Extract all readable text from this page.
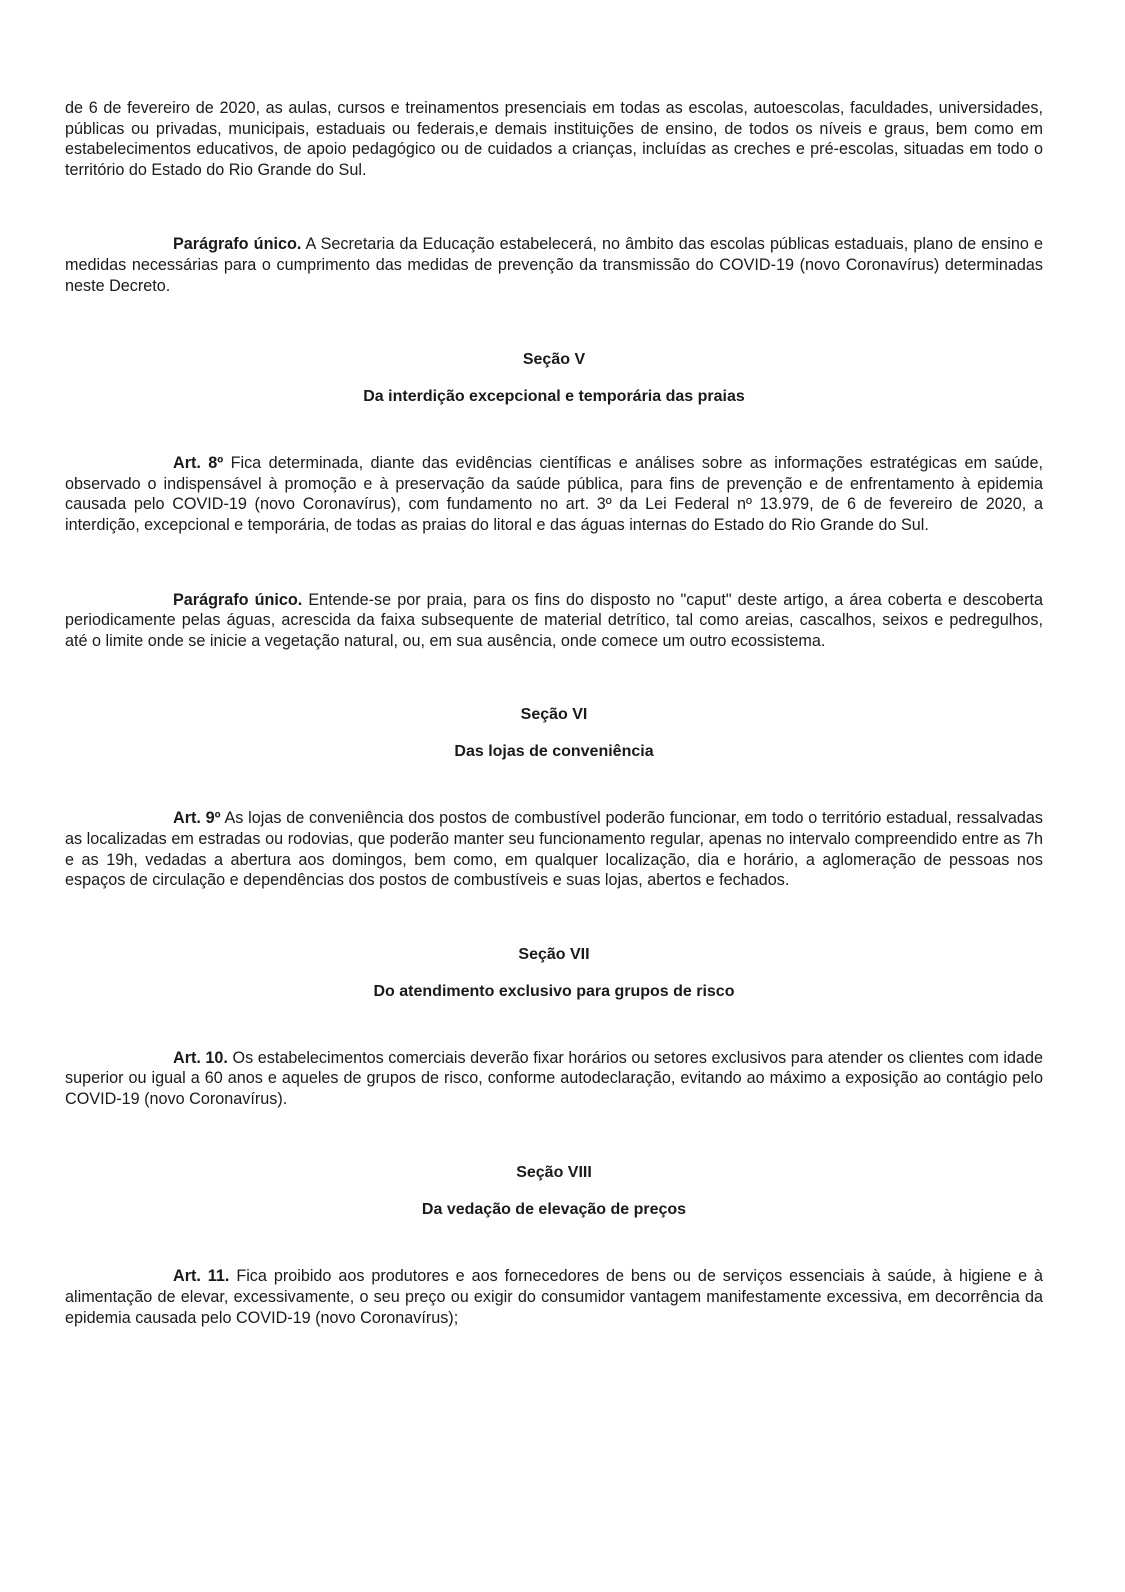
de 6 de fevereiro de 2020, as aulas, cursos e treinamentos presenciais em todas as escolas, autoescolas, faculdades, universidades, públicas ou privadas, municipais, estaduais ou federais,e demais instituições de ensino, de todos os níveis e graus, bem como em estabelecimentos educativos, de apoio pedagógico ou de cuidados a crianças, incluídas as creches e pré-escolas, situadas em todo o território do Estado do Rio Grande do Sul.

Parágrafo único. A Secretaria da Educação estabelecerá, no âmbito das escolas públicas estaduais, plano de ensino e medidas necessárias para o cumprimento das medidas de prevenção da transmissão do COVID-19 (novo Coronavírus) determinadas neste Decreto.

Seção V

Da interdição excepcional e temporária das praias

Art. 8º Fica determinada, diante das evidências científicas e análises sobre as informações estratégicas em saúde, observado o indispensável à promoção e à preservação da saúde pública, para fins de prevenção e de enfrentamento à epidemia causada pelo COVID-19 (novo Coronavírus), com fundamento no art. 3º da Lei Federal nº 13.979, de 6 de fevereiro de 2020, a interdição, excepcional e temporária, de todas as praias do litoral e das águas internas do Estado do Rio Grande do Sul.

Parágrafo único. Entende-se por praia, para os fins do disposto no "caput" deste artigo, a área coberta e descoberta periodicamente pelas águas, acrescida da faixa subsequente de material detrítico, tal como areias, cascalhos, seixos e pedregulhos, até o limite onde se inicie a vegetação natural, ou, em sua ausência, onde comece um outro ecossistema.

Seção VI

Das lojas de conveniência

Art. 9º As lojas de conveniência dos postos de combustível poderão funcionar, em todo o território estadual, ressalvadas as localizadas em estradas ou rodovias, que poderão manter seu funcionamento regular, apenas no intervalo compreendido entre as 7h e as 19h, vedadas a abertura aos domingos, bem como, em qualquer localização, dia e horário, a aglomeração de pessoas nos espaços de circulação e dependências dos postos de combustíveis e suas lojas, abertos e fechados.

Seção VII

Do atendimento exclusivo para grupos de risco

Art. 10. Os estabelecimentos comerciais deverão fixar horários ou setores exclusivos para atender os clientes com idade superior ou igual a 60 anos e aqueles de grupos de risco, conforme autodeclaração, evitando ao máximo a exposição ao contágio pelo COVID-19 (novo Coronavírus).

Seção VIII

Da vedação de elevação de preços

Art. 11. Fica proibido aos produtores e aos fornecedores de bens ou de serviços essenciais à saúde, à higiene e à alimentação de elevar, excessivamente, o seu preço ou exigir do consumidor vantagem manifestamente excessiva, em decorrência da epidemia causada pelo COVID-19 (novo Coronavírus);
